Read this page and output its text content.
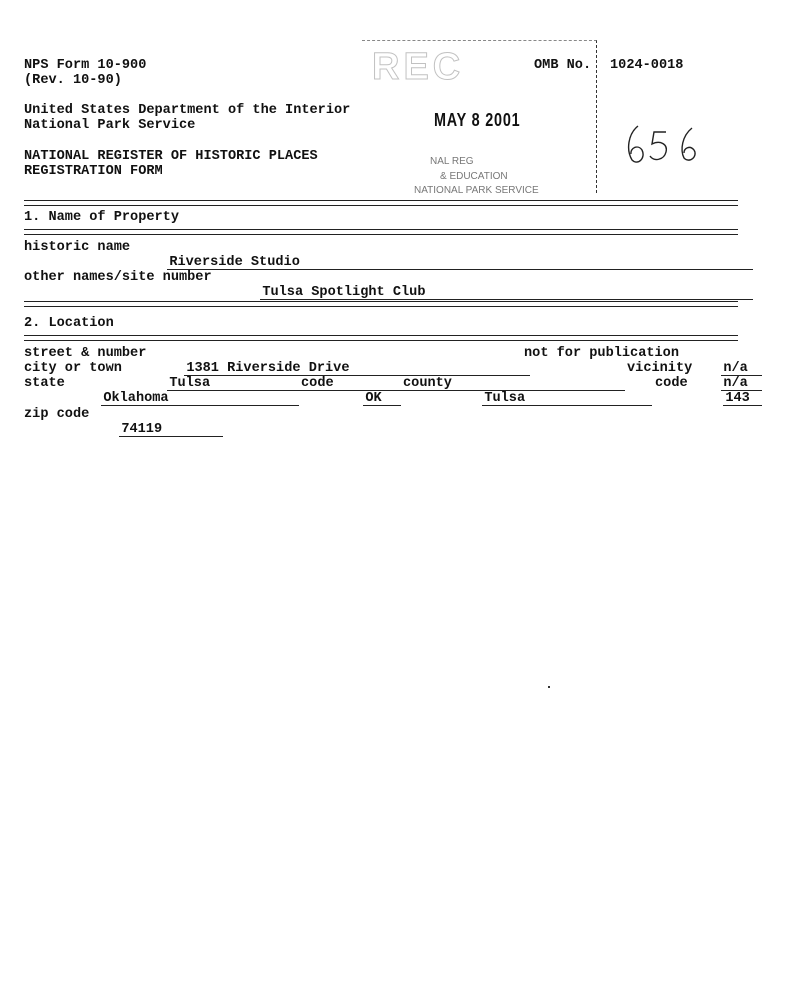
NPS Form 10-900
(Rev. 10-90)
United States Department of the Interior
National Park Service
NATIONAL REGISTER OF HISTORIC PLACES
REGISTRATION FORM
REC
MAY 8 2001
NAL REG
& EDUCATION
NATIONAL PARK SERVICE
OMB No. 1024-0018
1. Name of Property
historic name

Riverside Studio

other names/site number

Tulsa Spotlight Club

2. Location
street & number

1381 Riverside Drive

not for publication

n/a

city or town

Tulsa

vicinity

n/a

state

Oklahoma

code

OK

county

Tulsa

code

143

zip code

74119
